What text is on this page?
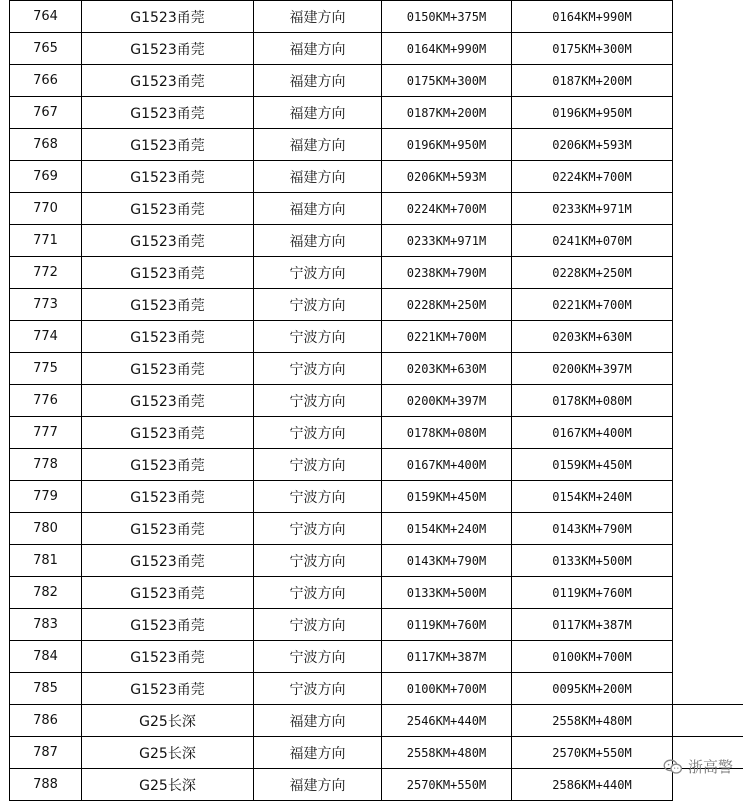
764	G1523甬莞	福建方向	0150KM+375M	0164KM+990M	
765	G1523甬莞	福建方向	0164KM+990M	0175KM+300M	
766	G1523甬莞	福建方向	0175KM+300M	0187KM+200M	
767	G1523甬莞	福建方向	0187KM+200M	0196KM+950M	
768	G1523甬莞	福建方向	0196KM+950M	0206KM+593M	
769	G1523甬莞	福建方向	0206KM+593M	0224KM+700M	
770	G1523甬莞	福建方向	0224KM+700M	0233KM+971M	
771	G1523甬莞	福建方向	0233KM+971M	0241KM+070M	
772	G1523甬莞	宁波方向	0238KM+790M	0228KM+250M	
773	G1523甬莞	宁波方向	0228KM+250M	0221KM+700M	
774	G1523甬莞	宁波方向	0221KM+700M	0203KM+630M	
775	G1523甬莞	宁波方向	0203KM+630M	0200KM+397M	
776	G1523甬莞	宁波方向	0200KM+397M	0178KM+080M	
777	G1523甬莞	宁波方向	0178KM+080M	0167KM+400M	
778	G1523甬莞	宁波方向	0167KM+400M	0159KM+450M	
779	G1523甬莞	宁波方向	0159KM+450M	0154KM+240M	
780	G1523甬莞	宁波方向	0154KM+240M	0143KM+790M	
781	G1523甬莞	宁波方向	0143KM+790M	0133KM+500M	
782	G1523甬莞	宁波方向	0133KM+500M	0119KM+760M	
783	G1523甬莞	宁波方向	0119KM+760M	0117KM+387M	
784	G1523甬莞	宁波方向	0117KM+387M	0100KM+700M	
785	G1523甬莞	宁波方向	0100KM+700M	0095KM+200M	
786	G25长深	福建方向	2546KM+440M	2558KM+480M	
787	G25长深	福建方向	2558KM+480M	2570KM+550M	
788	G25长深	福建方向	2570KM+550M	2586KM+440M	
浙高警
